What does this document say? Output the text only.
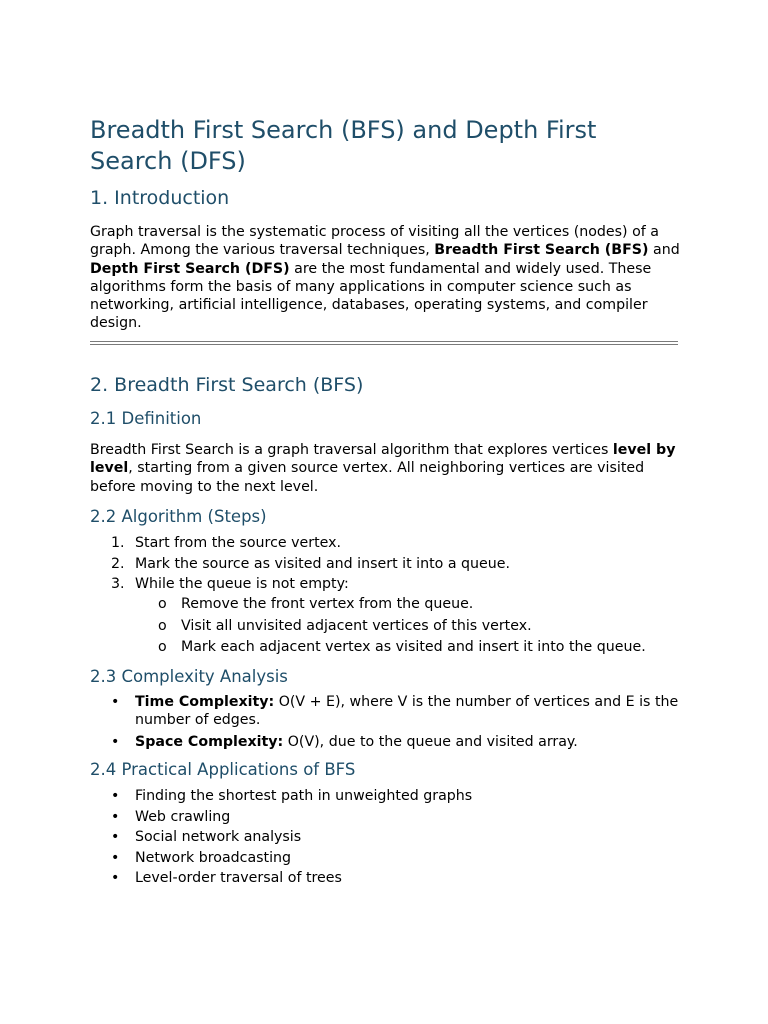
Breadth First Search (BFS) and Depth First Search (DFS)
1. Introduction

Graph traversal is the systematic process of visiting all the vertices (nodes) of a graph. Among the various traversal techniques, Breadth First Search (BFS) and Depth First Search (DFS) are the most fundamental and widely used. These algorithms form the basis of many applications in computer science such as networking, artificial intelligence, databases, operating systems, and compiler design.

2. Breadth First Search (BFS)
2.1 Definition

Breadth First Search is a graph traversal algorithm that explores vertices level by level, starting from a given source vertex. All neighboring vertices are visited before moving to the next level.

2.2 Algorithm (Steps)
1. Start from the source vertex.
2. Mark the source as visited and insert it into a queue.
3. While the queue is not empty:
o Remove the front vertex from the queue.
o Visit all unvisited adjacent vertices of this vertex.
o Mark each adjacent vertex as visited and insert it into the queue.
2.3 Complexity Analysis
• Time Complexity: O(V + E), where V is the number of vertices and E is the number of edges.
• Space Complexity: O(V), due to the queue and visited array.
2.4 Practical Applications of BFS
• Finding the shortest path in unweighted graphs
• Web crawling
• Social network analysis
• Network broadcasting
• Level-order traversal of trees
